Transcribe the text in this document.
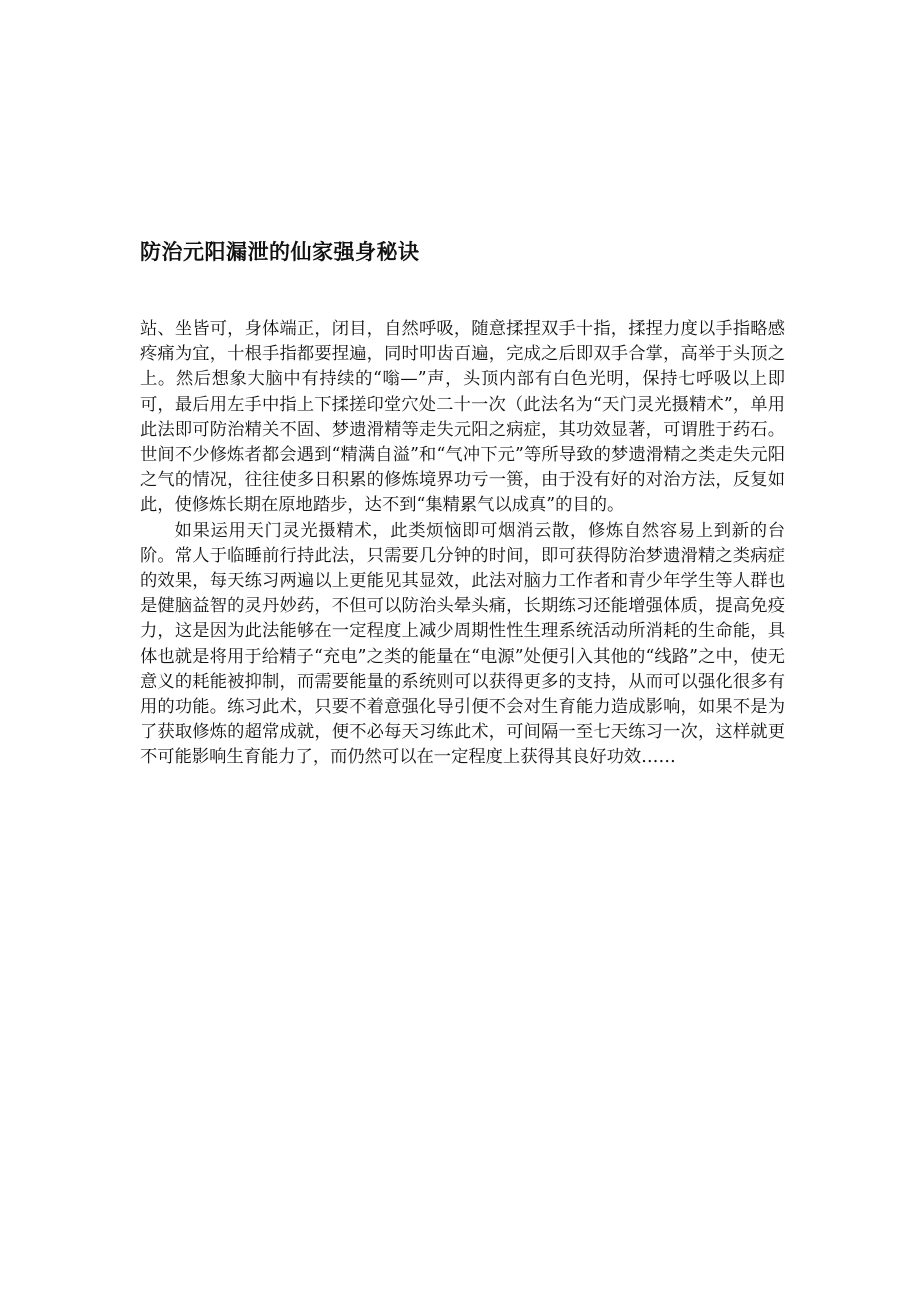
防治元阳漏泄的仙家强身秘诀

站、坐皆可，身体端正，闭目，自然呼吸，随意揉捏双手十指，揉捏力度以手指略感疼痛为宜，十根手指都要捏遍，同时叩齿百遍，完成之后即双手合掌，高举于头顶之上。然后想象大脑中有持续的“嗡—”声，头顶内部有白色光明，保持七呼吸以上即可，最后用左手中指上下揉搓印堂穴处二十一次（此法名为“天门灵光摄精术”，单用此法即可防治精关不固、梦遗滑精等走失元阳之病症，其功效显著，可谓胜于药石。世间不少修炼者都会遇到“精满自溢”和“气冲下元”等所导致的梦遗滑精之类走失元阳之气的情况，往往使多日积累的修炼境界功亏一篑，由于没有好的对治方法，反复如此，使修炼长期在原地踏步，达不到“集精累气以成真”的目的。

如果运用天门灵光摄精术，此类烦恼即可烟消云散，修炼自然容易上到新的台阶。常人于临睡前行持此法，只需要几分钟的时间，即可获得防治梦遗滑精之类病症的效果，每天练习两遍以上更能见其显效，此法对脑力工作者和青少年学生等人群也是健脑益智的灵丹妙药，不但可以防治头晕头痛，长期练习还能增强体质，提高免疫力，这是因为此法能够在一定程度上减少周期性性生理系统活动所消耗的生命能，具体也就是将用于给精子“充电”之类的能量在“电源”处便引入其他的“线路”之中，使无意义的耗能被抑制，而需要能量的系统则可以获得更多的支持，从而可以强化很多有用的功能。练习此术，只要不着意强化导引便不会对生育能力造成影响，如果不是为了获取修炼的超常成就，便不必每天习练此术，可间隔一至七天练习一次，这样就更不可能影响生育能力了，而仍然可以在一定程度上获得其良好功效……
